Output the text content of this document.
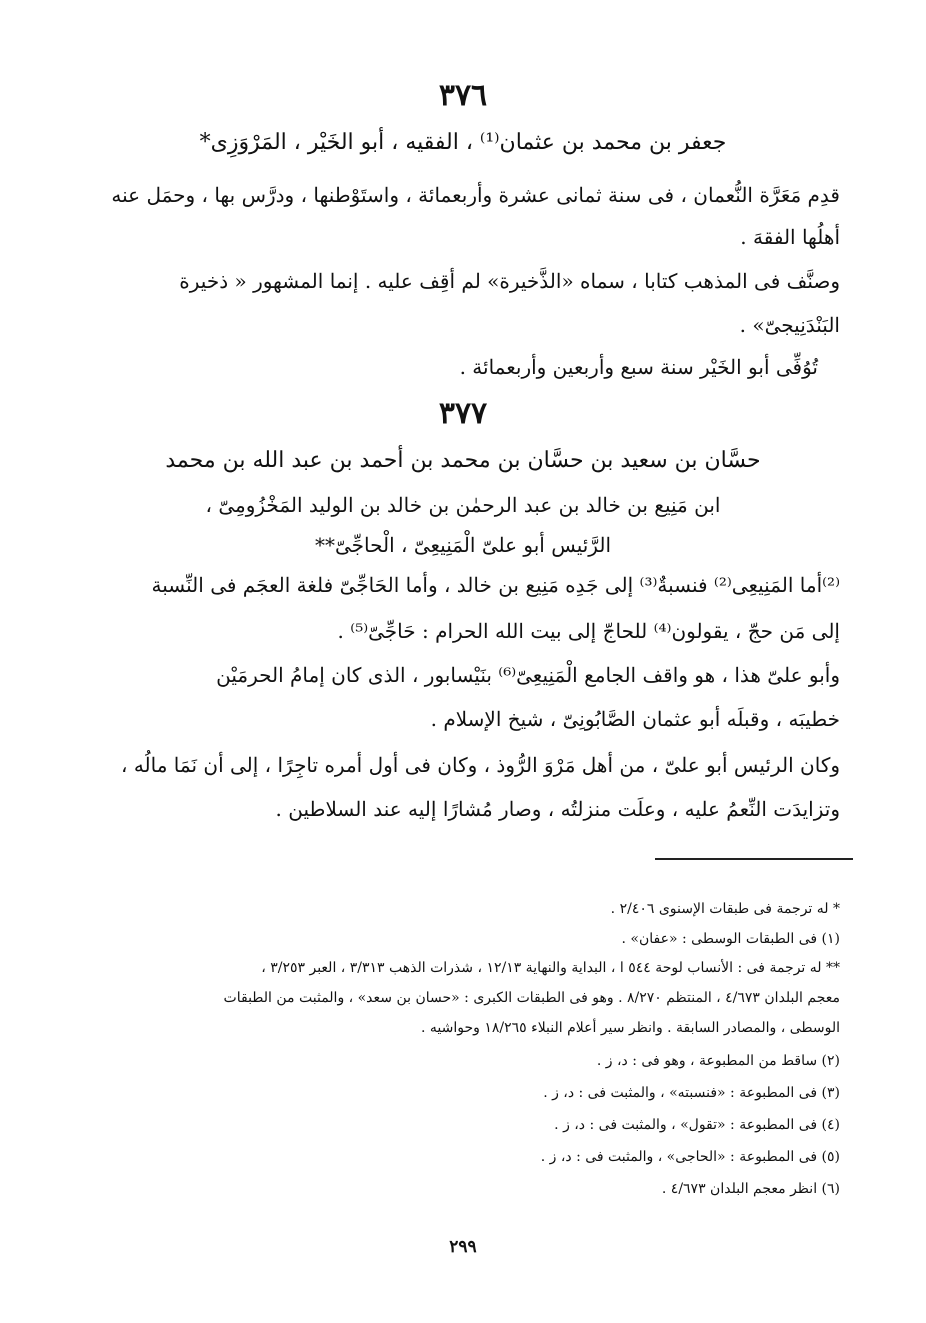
٣٧٦
جعفر بن محمد بن عثمان⁽¹⁾ ، الفقيه ، أبو الخَيْر ، المَرْوَزِى*
قدِم مَعَرَّة النُّعمان ، فى سنة ثمانى عشرة وأربعمائة ، واستَوْطنها ، ودرَّس بها ، وحمَل عنه
أهلُها الفقهَ .
وصنَّف فى المذهب كتابا ، سماه «الذَّخيرة» لم أقِف عليه . إنما المشهور « ذخيرة
البَنْدَنِيجىّ» .
تُوُفِّى أبو الخَيْر سنة سبع وأربعين وأربعمائة .
٣٧٧
حسَّان بن سعيد بن حسَّان بن محمد بن أحمد بن عبد الله بن محمد
ابن مَنِيع بن خالد بن عبد الرحمٰن بن خالد بن الوليد المَخْزُومِىّ ،
الرَّئيس أبو علىّ الْمَنِيعِىّ ، الْحاجِّىّ**
⁽²⁾أما المَنِيعِى⁽²⁾ فنسبةٌ⁽³⁾ إلى جَدِه مَنِيع بن خالد ، وأما الحَاجِّىّ فلغة العجَم فى النِّسبة
إلى مَن حجّ ، يقولون⁽⁴⁾ للحاجّ إلى بيت الله الحرام : حَاجِّىّ⁽⁵⁾ .
وأبو علىّ هذا ، هو واقف الجامع الْمَنِيعِىّ⁽⁶⁾ بنَيْسابور ، الذى كان إمامُ الحرمَيْن
خطيبَه ، وقبلَه أبو عثمان الصَّابُونِىّ ، شيخ الإسلام .
وكان الرئيس أبو علىّ ، من أهل مَرْوَ الرُّوذ ، وكان فى أول أمره تاجِرًا ، إلى أن نَمَا مالُه ،
وتزايدَت النِّعمُ عليه ، وعلَت منزلتُه ، وصار مُشارًا إليه عند السلاطين .
* له ترجمة فى طبقات الإسنوى ٢/٤٠٦ .
(١) فى الطبقات الوسطى : «عفان» .
** له ترجمة فى : الأنساب لوحة ٥٤٤ ا ، البداية والنهاية ١٢/١٣ ، شذرات الذهب ٣/٣١٣ ، العبر ٣/٢٥٣ ،
معجم البلدان ٤/٦٧٣ ، المنتظم ٨/٢٧٠ . وهو فى الطبقات الكبرى : «حسان بن سعد» ، والمثبت من الطبقات
الوسطى ، والمصادر السابقة . وانظر سير أعلام النبلاء ١٨/٢٦٥ وحواشيه .
(٢) ساقط من المطبوعة ، وهو فى : د، ز .
(٣) فى المطبوعة : «فنسبته» ، والمثبت فى : د، ز .
(٤) فى المطبوعة : «تقول» ، والمثبت فى : د، ز .
(٥) فى المطبوعة : «الحاجى» ، والمثبت فى : د، ز .
(٦) انظر معجم البلدان ٤/٦٧٣ .
٢٩٩
